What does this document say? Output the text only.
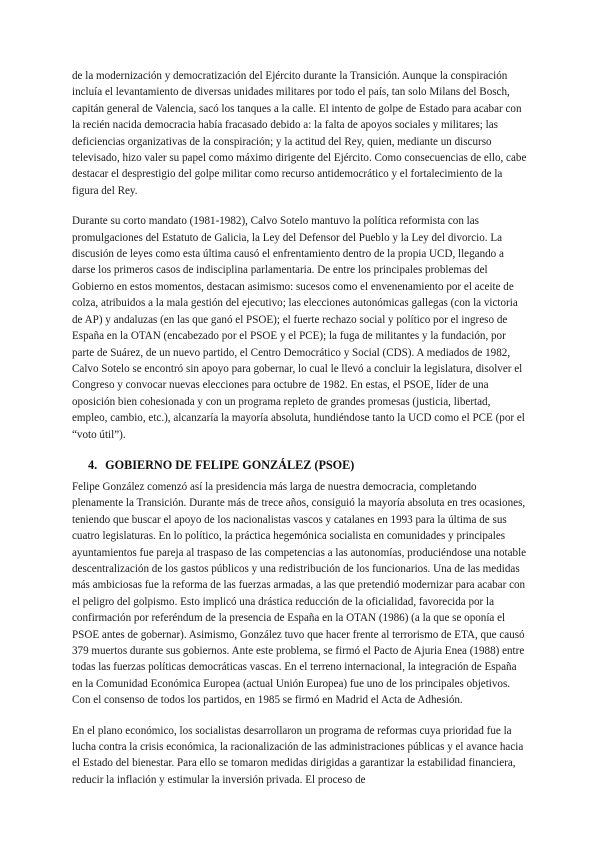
de la modernización y democratización del Ejército durante la Transición. Aunque la conspiración incluía el levantamiento de diversas unidades militares por todo el país, tan solo Milans del Bosch, capitán general de Valencia, sacó los tanques a la calle. El intento de golpe de Estado para acabar con la recién nacida democracia había fracasado debido a: la falta de apoyos sociales y militares; las deficiencias organizativas de la conspiración; y la actitud del Rey, quien, mediante un discurso televisado, hizo valer su papel como máximo dirigente del Ejército. Como consecuencias de ello, cabe destacar el desprestigio del golpe militar como recurso antidemocrático y el fortalecimiento de la figura del Rey.

Durante su corto mandato (1981-1982), Calvo Sotelo mantuvo la política reformista con las promulgaciones del Estatuto de Galicia, la Ley del Defensor del Pueblo y la Ley del divorcio. La discusión de leyes como esta última causó el enfrentamiento dentro de la propia UCD, llegando a darse los primeros casos de indisciplina parlamentaria. De entre los principales problemas del Gobierno en estos momentos, destacan asimismo: sucesos como el envenenamiento por el aceite de colza, atribuidos a la mala gestión del ejecutivo; las elecciones autonómicas gallegas (con la victoria de AP) y andaluzas (en las que ganó el PSOE); el fuerte rechazo social y político por el ingreso de España en la OTAN (encabezado por el PSOE y el PCE); la fuga de militantes y la fundación, por parte de Suárez, de un nuevo partido, el Centro Democrático y Social (CDS). A mediados de 1982, Calvo Sotelo se encontró sin apoyo para gobernar, lo cual le llevó a concluir la legislatura, disolver el Congreso y convocar nuevas elecciones para octubre de 1982. En estas, el PSOE, líder de una oposición bien cohesionada y con un programa repleto de grandes promesas (justicia, libertad, empleo, cambio, etc.), alcanzaría la mayoría absoluta, hundiéndose tanto la UCD como el PCE (por el “voto útil”).

4. GOBIERNO DE FELIPE GONZÁLEZ (PSOE)

Felipe González comenzó así la presidencia más larga de nuestra democracia, completando plenamente la Transición. Durante más de trece años, consiguió la mayoría absoluta en tres ocasiones, teniendo que buscar el apoyo de los nacionalistas vascos y catalanes en 1993 para la última de sus cuatro legislaturas. En lo político, la práctica hegemónica socialista en comunidades y principales ayuntamientos fue pareja al traspaso de las competencias a las autonomías, produciéndose una notable descentralización de los gastos públicos y una redistribución de los funcionarios. Una de las medidas más ambiciosas fue la reforma de las fuerzas armadas, a las que pretendió modernizar para acabar con el peligro del golpismo. Esto implicó una drástica reducción de la oficialidad, favorecida por la confirmación por referéndum de la presencia de España en la OTAN (1986) (a la que se oponía el PSOE antes de gobernar). Asimismo, González tuvo que hacer frente al terrorismo de ETA, que causó 379 muertos durante sus gobiernos. Ante este problema, se firmó el Pacto de Ajuria Enea (1988) entre todas las fuerzas políticas democráticas vascas. En el terreno internacional, la integración de España en la Comunidad Económica Europea (actual Unión Europea) fue uno de los principales objetivos. Con el consenso de todos los partidos, en 1985 se firmó en Madrid el Acta de Adhesión.

En el plano económico, los socialistas desarrollaron un programa de reformas cuya prioridad fue la lucha contra la crisis económica, la racionalización de las administraciones públicas y el avance hacia el Estado del bienestar. Para ello se tomaron medidas dirigidas a garantizar la estabilidad financiera, reducir la inflación y estimular la inversión privada. El proceso de
